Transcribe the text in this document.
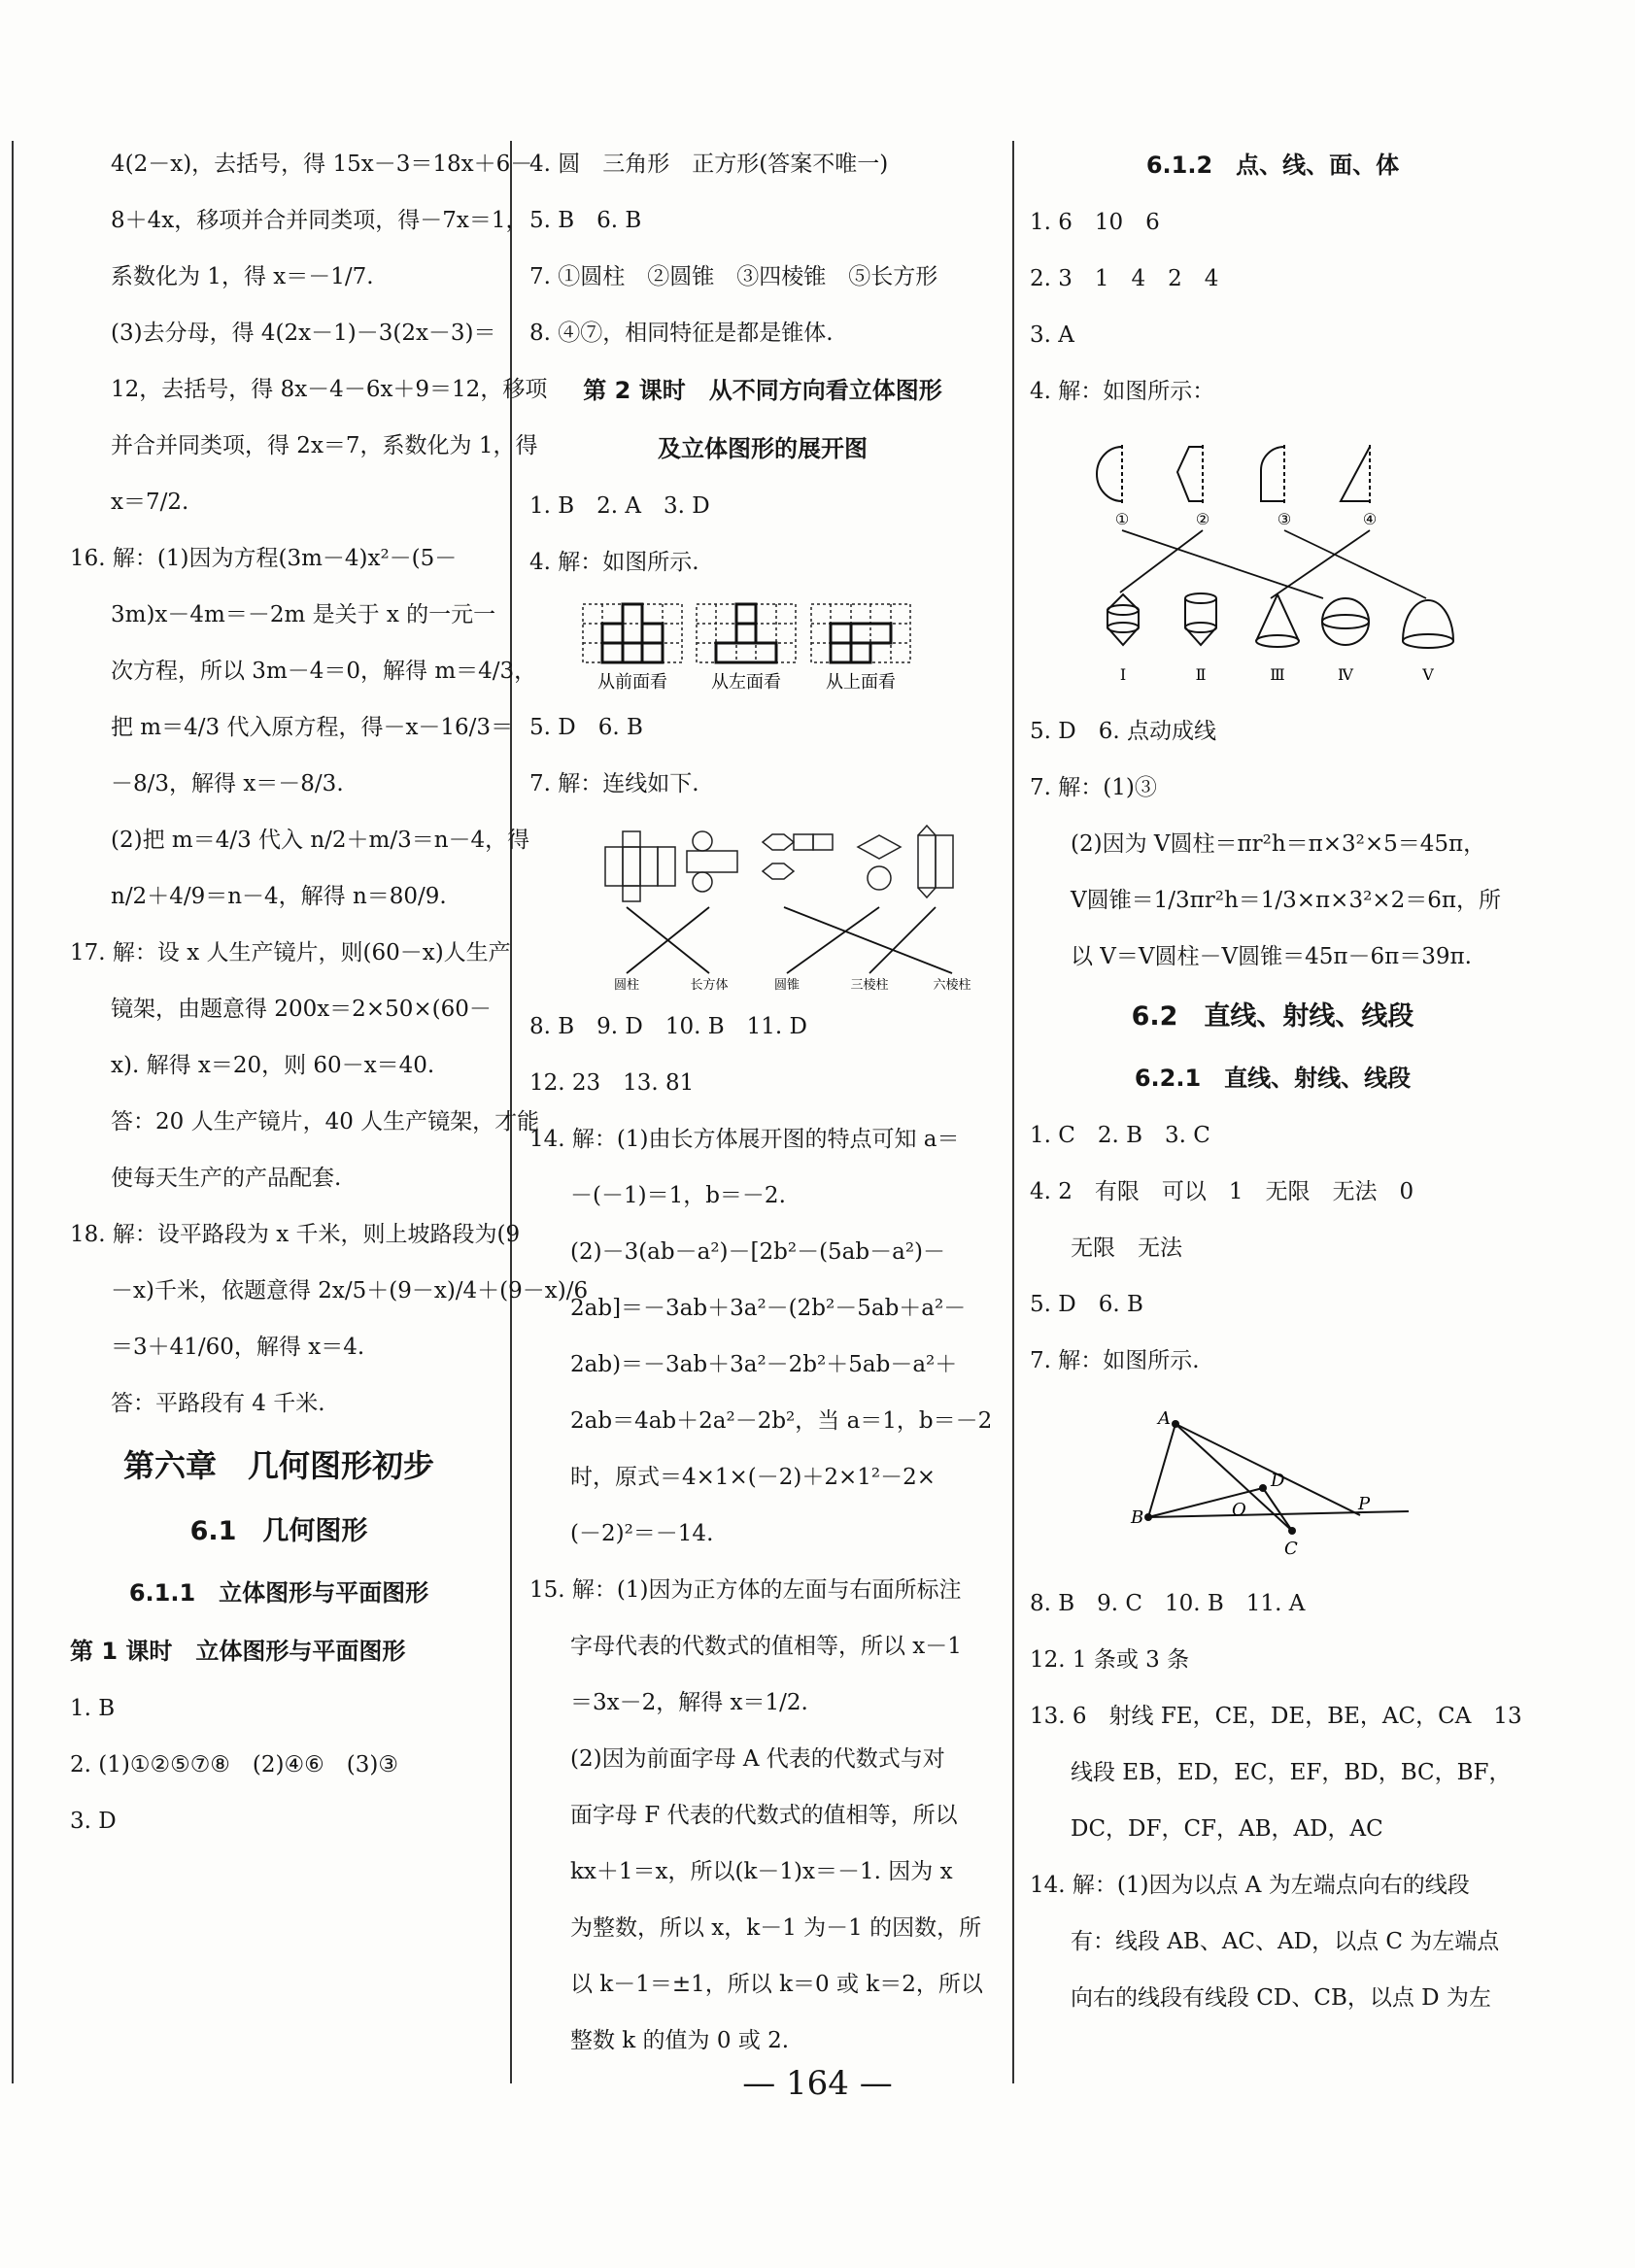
4(2－x)，去括号，得 15x－3＝18x＋6－
8＋4x，移项并合并同类项，得－7x＝1，
系数化为 1，得 x＝－1/7.
(3)去分母，得 4(2x－1)－3(2x－3)＝
12，去括号，得 8x－4－6x＋9＝12，移项
并合并同类项，得 2x＝7，系数化为 1，得
x＝7/2.
16. 解：(1)因为方程(3m－4)x²－(5－
3m)x－4m＝－2m 是关于 x 的一元一
次方程，所以 3m－4＝0，解得 m＝4/3，
把 m＝4/3 代入原方程，得－x－16/3＝
－8/3，解得 x＝－8/3.
(2)把 m＝4/3 代入 n/2＋m/3＝n－4，得
n/2＋4/9＝n－4，解得 n＝80/9.
17. 解：设 x 人生产镜片，则(60－x)人生产
镜架，由题意得 200x＝2×50×(60－
x). 解得 x＝20，则 60－x＝40.
答：20 人生产镜片，40 人生产镜架，才能
使每天生产的产品配套.
18. 解：设平路段为 x 千米，则上坡路段为(9
－x)千米，依题意得 2x/5＋(9－x)/4＋(9－x)/6
＝3＋41/60，解得 x＝4.
答：平路段有 4 千米.
第六章　几何图形初步
6.1　几何图形
6.1.1　立体图形与平面图形
第 1 课时　立体图形与平面图形
1. B
2. (1)①②⑤⑦⑧　(2)④⑥　(3)③
3. D
4. 圆　三角形　正方形(答案不唯一)
5. B　6. B
7. ①圆柱　②圆锥　③四棱锥　⑤长方形
8. ④⑦，相同特征是都是锥体.
第 2 课时　从不同方向看立体图形
及立体图形的展开图
1. B　2. A　3. D
4. 解：如图所示.
从前面看	从左面看	从上面看
5. D　6. B
7. 解：连线如下.
圆柱	长方体	圆锥	三棱柱	六棱柱
8. B　9. D　10. B　11. D
12. 23　13. 81
14. 解：(1)由长方体展开图的特点可知 a＝
－(－1)＝1，b＝－2.
(2)－3(ab－a²)－[2b²－(5ab－a²)－
2ab]＝－3ab＋3a²－(2b²－5ab＋a²－
2ab)＝－3ab＋3a²－2b²＋5ab－a²＋
2ab＝4ab＋2a²－2b²，当 a＝1，b＝－2
时，原式＝4×1×(－2)＋2×1²－2×
(－2)²＝－14.
15. 解：(1)因为正方体的左面与右面所标注
字母代表的代数式的值相等，所以 x－1
＝3x－2，解得 x＝1/2.
(2)因为前面字母 A 代表的代数式与对
面字母 F 代表的代数式的值相等，所以
kx＋1＝x，所以(k－1)x＝－1. 因为 x
为整数，所以 x，k－1 为－1 的因数，所
以 k－1＝±1，所以 k＝0 或 k＝2，所以
整数 k 的值为 0 或 2.
6.1.2　点、线、面、体
1. 6　10　6
2. 3　1　4　2　4
3. A
4. 解：如图所示：
①	②	③	④
Ⅰ	Ⅱ	Ⅲ	Ⅳ	Ⅴ
5. D　6. 点动成线
7. 解：(1)③
(2)因为 V圆柱＝πr²h＝π×3²×5＝45π，
V圆锥＝1/3πr²h＝1/3×π×3²×2＝6π，所
以 V＝V圆柱－V圆锥＝45π－6π＝39π.
6.2　直线、射线、线段
6.2.1　直线、射线、线段
1. C　2. B　3. C
4. 2　有限　可以　1　无限　无法　0
无限　无法
5. D　6. B
7. 解：如图所示.
A
B
C
D
O	P
8. B　9. C　10. B　11. A
12. 1 条或 3 条
13. 6　射线 FE，CE，DE，BE，AC，CA　13
线段 EB，ED，EC，EF，BD，BC，BF，
DC，DF，CF，AB，AD，AC
14. 解：(1)因为以点 A 为左端点向右的线段
有：线段 AB、AC、AD，以点 C 为左端点
向右的线段有线段 CD、CB，以点 D 为左
— 164 —
